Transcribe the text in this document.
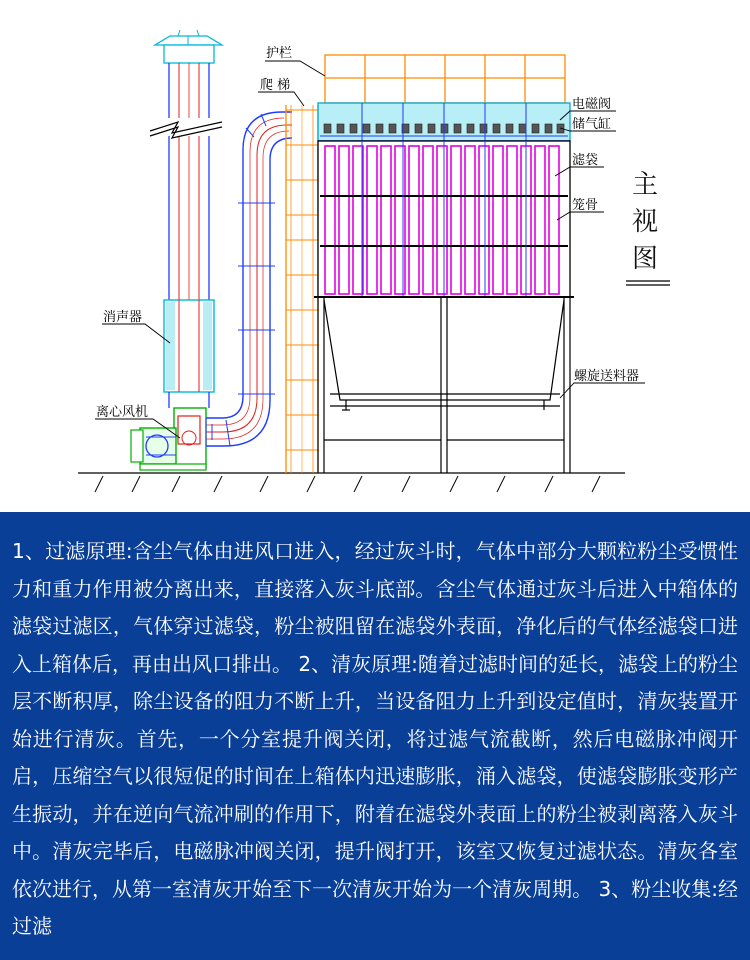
护栏
爬 梯
电磁阀
储气缸
滤袋
笼骨
消声器
离心风机
螺旋送料器
主
视
图

1、过滤原理:含尘气体由进风口进入，经过灰斗时，气体中部分大颗粒粉尘受惯性力和重力作用被分离出来，直接落入灰斗底部。含尘气体通过灰斗后进入中箱体的滤袋过滤区，气体穿过滤袋，粉尘被阻留在滤袋外表面，净化后的气体经滤袋口进入上箱体后，再由出风口排出。 2、清灰原理:随着过滤时间的延长，滤袋上的粉尘层不断积厚，除尘设备的阻力不断上升，当设备阻力上升到设定值时，清灰装置开始进行清灰。首先，一个分室提升阀关闭，将过滤气流截断，然后电磁脉冲阀开启，压缩空气以很短促的时间在上箱体内迅速膨胀，涌入滤袋，使滤袋膨胀变形产生振动，并在逆向气流冲刷的作用下，附着在滤袋外表面上的粉尘被剥离落入灰斗中。清灰完毕后，电磁脉冲阀关闭，提升阀打开，该室又恢复过滤状态。清灰各室依次进行，从第一室清灰开始至下一次清灰开始为一个清灰周期。 3、粉尘收集:经过滤
